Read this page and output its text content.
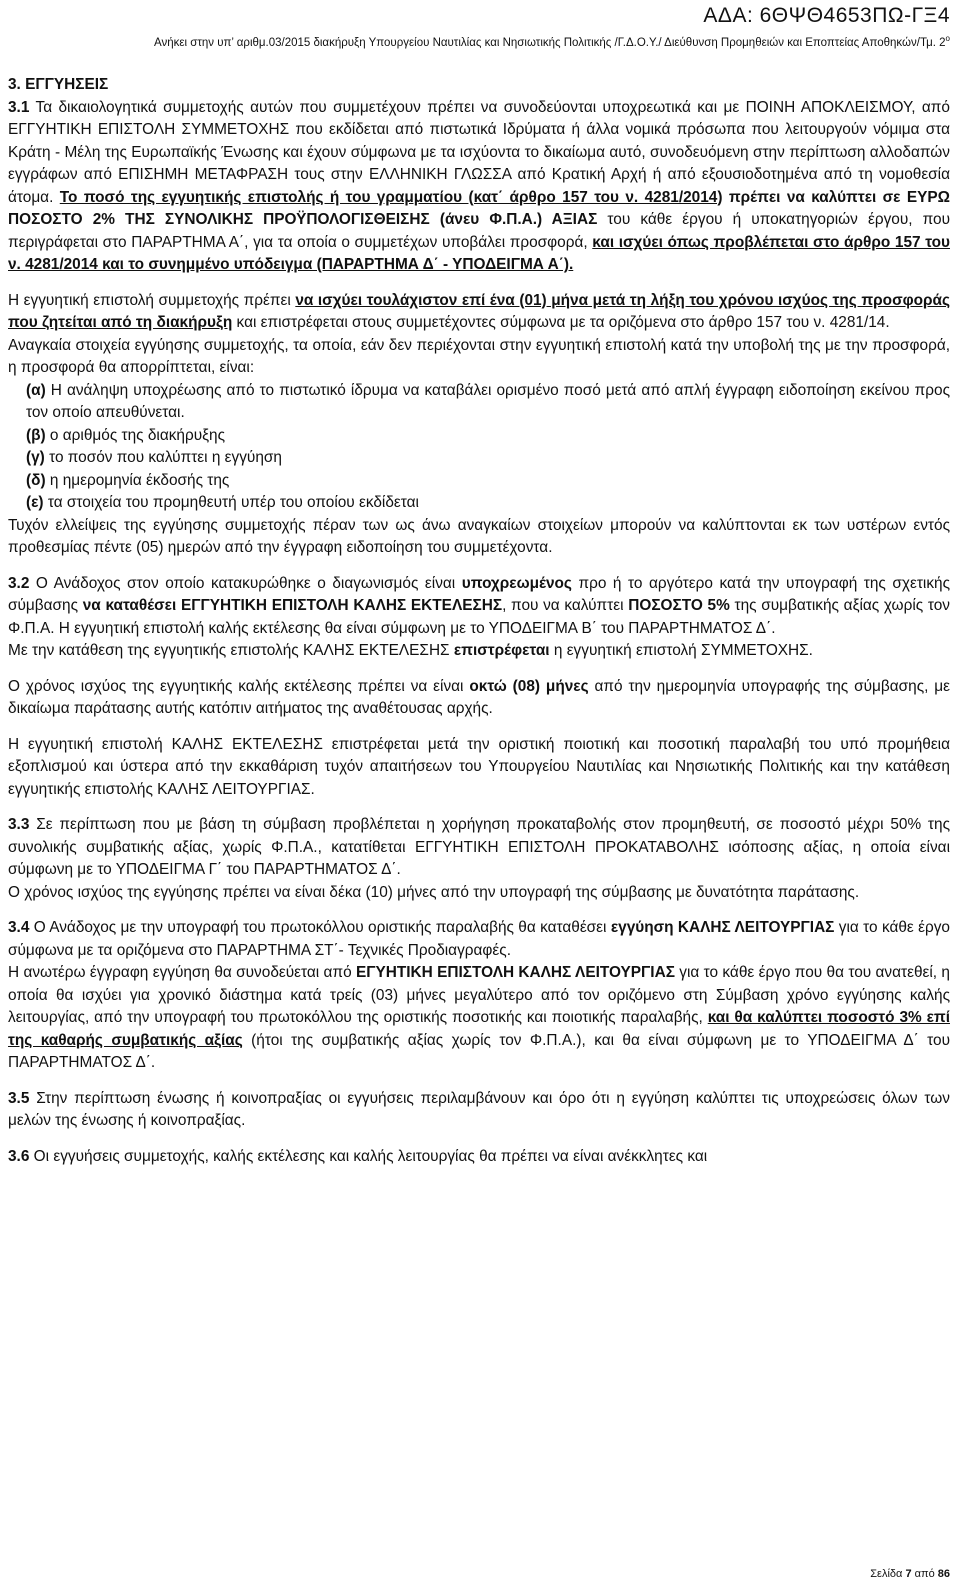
ΑΔΑ: 6ΘΨΘ4653ΠΩ-ΓΞ4
Ανήκει στην υπ’ αριθμ.03/2015 διακήρυξη Υπουργείου Ναυτιλίας και Νησιωτικής Πολιτικής /Γ.Δ.Ο.Υ./ Διεύθυνση Προμηθειών και Εποπτείας Αποθηκών/Τμ. $2^o$

3. ΕΓΓΥΗΣΕΙΣ

3.1 Τα δικαιολογητικά συμμετοχής αυτών που συμμετέχουν πρέπει να συνοδεύονται υποχρεωτικά και με ΠΟΙΝΗ ΑΠΟΚΛΕΙΣΜΟΥ, από ΕΓΓΥΗΤΙΚΗ ΕΠΙΣΤΟΛΗ ΣΥΜΜΕΤΟΧΗΣ που εκδίδεται από πιστωτικά Ιδρύματα ή άλλα νομικά πρόσωπα που λειτουργούν νόμιμα στα Κράτη - Μέλη της Ευρωπαϊκής Ένωσης και έχουν σύμφωνα με τα ισχύοντα το δικαίωμα αυτό, συνοδευόμενη στην περίπτωση αλλοδαπών εγγράφων από ΕΠΙΣΗΜΗ ΜΕΤΑΦΡΑΣΗ τους στην ΕΛΛΗΝΙΚΗ ΓΛΩΣΣΑ από Κρατική Αρχή ή από εξουσιοδοτημένα από τη νομοθεσία άτομα. Το ποσό της εγγυητικής επιστολής ή του γραμματίου (κατ΄ άρθρο 157 του ν. 4281/2014) πρέπει να καλύπτει σε ΕΥΡΩ ΠΟΣΟΣΤΟ 2% ΤΗΣ ΣΥΝΟΛΙΚΗΣ ΠΡΟΫΠΟΛΟΓΙΣΘΕΙΣΗΣ (άνευ Φ.Π.Α.) ΑΞΙΑΣ του κάθε έργου ή υποκατηγοριών έργου, που περιγράφεται στο ΠΑΡΑΡΤΗΜΑ Α΄, για τα οποία ο συμμετέχων υποβάλει προσφορά, και ισχύει όπως προβλέπεται στο άρθρο 157 του ν. 4281/2014 και το συνημμένο υπόδειγμα (ΠΑΡΑΡΤΗΜΑ Δ΄ - ΥΠΟΔΕΙΓΜΑ Α΄).

Η εγγυητική επιστολή συμμετοχής πρέπει να ισχύει τουλάχιστον επί ένα (01) μήνα μετά τη λήξη του χρόνου ισχύος της προσφοράς που ζητείται από τη διακήρυξη και επιστρέφεται στους συμμετέχοντες σύμφωνα με τα οριζόμενα στο άρθρο 157 του ν. 4281/14.

Αναγκαία στοιχεία εγγύησης συμμετοχής, τα οποία, εάν δεν περιέχονται στην εγγυητική επιστολή κατά την υποβολή της με την προσφορά, η προσφορά θα απορρίπτεται, είναι:

(α) Η ανάληψη υποχρέωσης από το πιστωτικό ίδρυμα να καταβάλει ορισμένο ποσό μετά από απλή έγγραφη ειδοποίηση εκείνου προς τον οποίο απευθύνεται.

(β) ο αριθμός της διακήρυξης

(γ) το ποσόν που καλύπτει η εγγύηση

(δ) η ημερομηνία έκδοσής της

(ε) τα στοιχεία του προμηθευτή υπέρ του οποίου εκδίδεται

Τυχόν ελλείψεις της εγγύησης συμμετοχής πέραν των ως άνω αναγκαίων στοιχείων μπορούν να καλύπτονται εκ των υστέρων εντός προθεσμίας πέντε (05) ημερών από την έγγραφη ειδοποίηση του συμμετέχοντα.

3.2 Ο Ανάδοχος στον οποίο κατακυρώθηκε ο διαγωνισμός είναι υποχρεωμένος προ ή το αργότερο κατά την υπογραφή της σχετικής σύμβασης να καταθέσει ΕΓΓΥΗΤΙΚΗ ΕΠΙΣΤΟΛΗ ΚΑΛΗΣ ΕΚΤΕΛΕΣΗΣ, που να καλύπτει ΠΟΣΟΣΤΟ 5% της συμβατικής αξίας χωρίς τον Φ.Π.Α. Η εγγυητική επιστολή καλής εκτέλεσης θα είναι σύμφωνη με το ΥΠΟΔΕΙΓΜΑ Β΄ του ΠΑΡΑΡΤΗΜΑΤΟΣ Δ΄.

Με την κατάθεση της εγγυητικής επιστολής ΚΑΛΗΣ ΕΚΤΕΛΕΣΗΣ επιστρέφεται η εγγυητική επιστολή ΣΥΜΜΕΤΟΧΗΣ.

Ο χρόνος ισχύος της εγγυητικής καλής εκτέλεσης πρέπει να είναι οκτώ (08) μήνες από την ημερομηνία υπογραφής της σύμβασης, με δικαίωμα παράτασης αυτής κατόπιν αιτήματος της αναθέτουσας αρχής.

Η εγγυητική επιστολή ΚΑΛΗΣ ΕΚΤΕΛΕΣΗΣ επιστρέφεται μετά την οριστική ποιοτική και ποσοτική παραλαβή του υπό προμήθεια εξοπλισμού και ύστερα από την εκκαθάριση τυχόν απαιτήσεων του Υπουργείου Ναυτιλίας και Νησιωτικής Πολιτικής και την κατάθεση εγγυητικής επιστολής ΚΑΛΗΣ ΛΕΙΤΟΥΡΓΙΑΣ.

3.3 Σε περίπτωση που με βάση τη σύμβαση προβλέπεται η χορήγηση προκαταβολής στον προμηθευτή, σε ποσοστό μέχρι 50% της συνολικής συμβατικής αξίας, χωρίς Φ.Π.Α., κατατίθεται ΕΓΓΥΗΤΙΚΗ ΕΠΙΣΤΟΛΗ ΠΡΟΚΑΤΑΒΟΛΗΣ ισόποσης αξίας, η οποία είναι σύμφωνη με το ΥΠΟΔΕΙΓΜΑ Γ΄ του ΠΑΡΑΡΤΗΜΑΤΟΣ Δ΄.

Ο χρόνος ισχύος της εγγύησης πρέπει να είναι δέκα (10) μήνες από την υπογραφή της σύμβασης με δυνατότητα παράτασης.

3.4 Ο Ανάδοχος με την υπογραφή του πρωτοκόλλου οριστικής παραλαβής θα καταθέσει εγγύηση ΚΑΛΗΣ ΛΕΙΤΟΥΡΓΙΑΣ για το κάθε έργο σύμφωνα με τα οριζόμενα στο ΠΑΡΑΡΤΗΜΑ ΣΤ΄- Τεχνικές Προδιαγραφές.

Η ανωτέρω έγγραφη εγγύηση θα συνοδεύεται από ΕΓΥΗΤΙΚΗ ΕΠΙΣΤΟΛΗ ΚΑΛΗΣ ΛΕΙΤΟΥΡΓΙΑΣ για το κάθε έργο που θα του ανατεθεί, η οποία θα ισχύει για χρονικό διάστημα κατά τρείς (03) μήνες μεγαλύτερο από τον οριζόμενο στη Σύμβαση χρόνο εγγύησης καλής λειτουργίας, από την υπογραφή του πρωτοκόλλου της οριστικής ποσοτικής και ποιοτικής παραλαβής, και θα καλύπτει ποσοστό 3% επί της καθαρής συμβατικής αξίας (ήτοι της συμβατικής αξίας χωρίς τον Φ.Π.Α.), και θα είναι σύμφωνη με το ΥΠΟΔΕΙΓΜΑ Δ΄ του ΠΑΡΑΡΤΗΜΑΤΟΣ Δ΄.

3.5 Στην περίπτωση ένωσης ή κοινοπραξίας οι εγγυήσεις περιλαμβάνουν και όρο ότι η εγγύηση καλύπτει τις υποχρεώσεις όλων των μελών της ένωσης ή κοινοπραξίας.

3.6 Οι εγγυήσεις συμμετοχής, καλής εκτέλεσης και καλής λειτουργίας θα πρέπει να είναι ανέκκλητες και

Σελίδα 7 από 86
